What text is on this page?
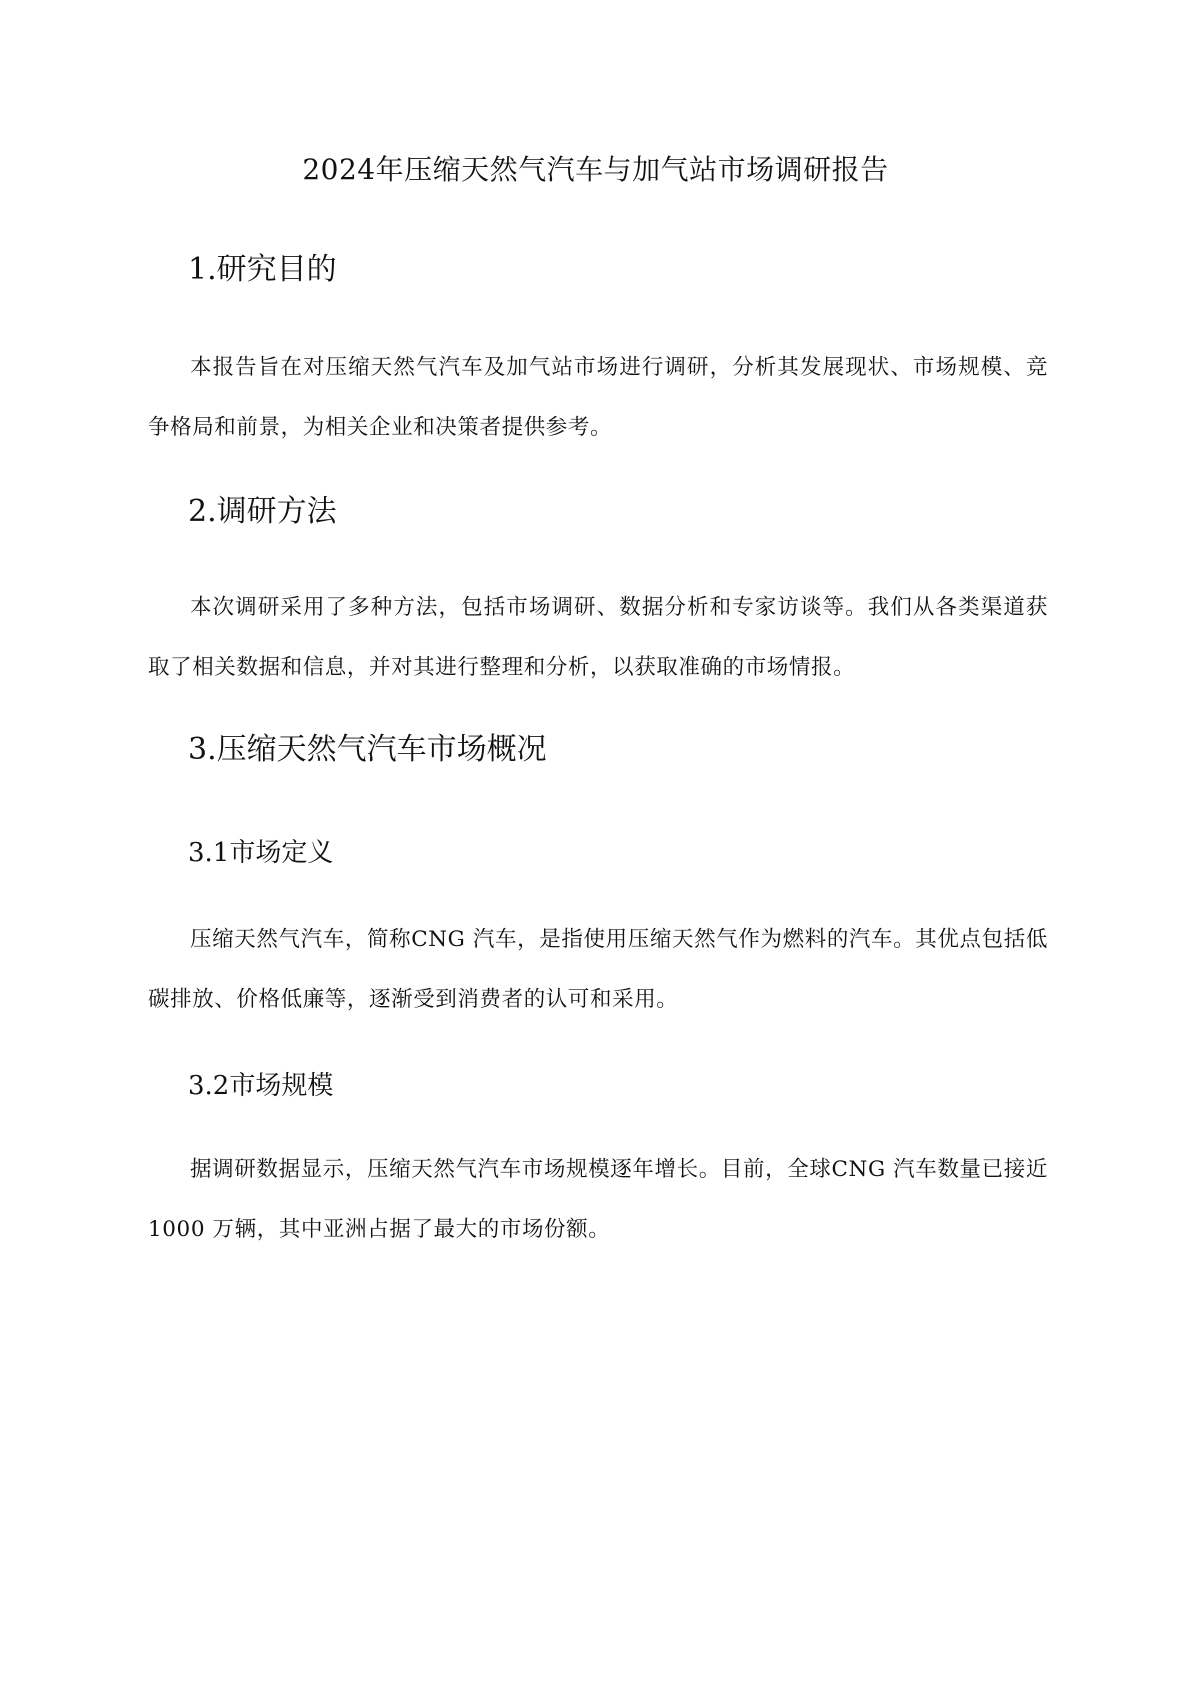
2024年压缩天然气汽车与加气站市场调研报告
1.研究目的
本报告旨在对压缩天然气汽车及加气站市场进行调研，分析其发展现状、市场规模、竞争格局和前景，为相关企业和决策者提供参考。
2.调研方法
本次调研采用了多种方法，包括市场调研、数据分析和专家访谈等。我们从各类渠道获取了相关数据和信息，并对其进行整理和分析，以获取准确的市场情报。
3.压缩天然气汽车市场概况
3.1市场定义
压缩天然气汽车，简称CNG 汽车，是指使用压缩天然气作为燃料的汽车。其优点包括低碳排放、价格低廉等，逐渐受到消费者的认可和采用。
3.2市场规模
据调研数据显示，压缩天然气汽车市场规模逐年增长。目前，全球CNG 汽车数量已接近1000 万辆，其中亚洲占据了最大的市场份额。
